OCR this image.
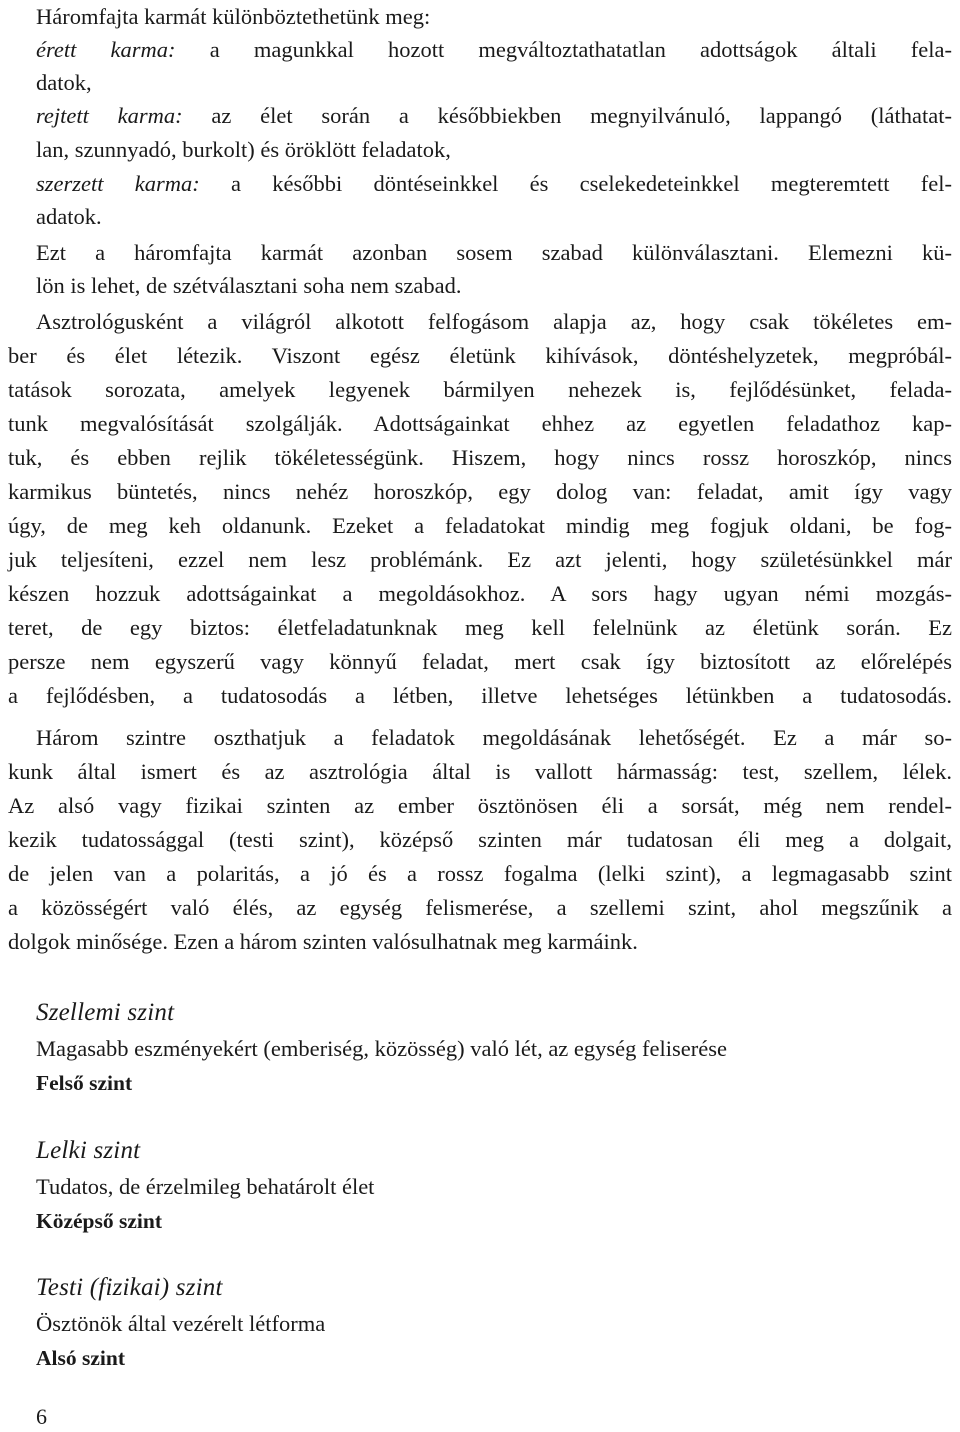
Háromfajta karmát különböztethetünk meg:
érett karma: a magunkkal hozott megváltoztathatatlan adottságok általi fela-
datok,
rejtett karma: az élet során a későbbiekben megnyilvánuló, lappangó (láthatat-
lan, szunnyadó, burkolt) és öröklött feladatok,
szerzett karma: a későbbi döntéseinkkel és cselekedeteinkkel megteremtett fel-
adatok.
Ezt a háromfajta karmát azonban sosem szabad különválasztani. Elemezni kü-
lön is lehet, de szétválasztani soha nem szabad.
Asztrológusként a világról alkotott felfogásom alapja az, hogy csak tökéletes em-
ber és élet létezik. Viszont egész életünk kihívások, döntéshelyzetek, megpróbál-
tatások sorozata, amelyek legyenek bármilyen nehezek is, fejlődésünket, felada-
tunk megvalósítását szolgálják. Adottságainkat ehhez az egyetlen feladathoz kap-
tuk, és ebben rejlik tökéletességünk. Hiszem, hogy nincs rossz horoszkóp, nincs
karmikus büntetés, nincs nehéz horoszkóp, egy dolog van: feladat, amit így vagy
úgy, de meg keh oldanunk. Ezeket a feladatokat mindig meg fogjuk oldani, be fog-
juk teljesíteni, ezzel nem lesz problémánk. Ez azt jelenti, hogy születésünkkel már
készen hozzuk adottságainkat a megoldásokhoz. A sors hagy ugyan némi mozgás-
teret, de egy biztos: életfeladatunknak meg kell felelnünk az életünk során. Ez
persze nem egyszerű vagy könnyű feladat, mert csak így biztosított az előrelépés
a fejlődésben, a tudatosodás a létben, illetve lehetséges létünkben a tudatosodás.
Három szintre oszthatjuk a feladatok megoldásának lehetőségét. Ez a már so-
kunk által ismert és az asztrológia által is vallott hármasság: test, szellem, lélek.
Az alsó vagy fizikai szinten az ember ösztönösen éli a sorsát, még nem rendel-
kezik tudatossággal (testi szint), középső szinten már tudatosan éli meg a dolgait,
de jelen van a polaritás, a jó és a rossz fogalma (lelki szint), a legmagasabb szint
a közösségért való élés, az egység felismerése, a szellemi szint, ahol megszűnik a
dolgok minősége. Ezen a három szinten valósulhatnak meg karmáink.
Szellemi szint
Magasabb eszményekért (emberiség, közösség) való lét, az egység feliserése
Felső szint
Lelki szint
Tudatos, de érzelmileg behatárolt élet
Középső szint
Testi (fizikai) szint
Ösztönök által vezérelt létforma
Alsó szint
6
